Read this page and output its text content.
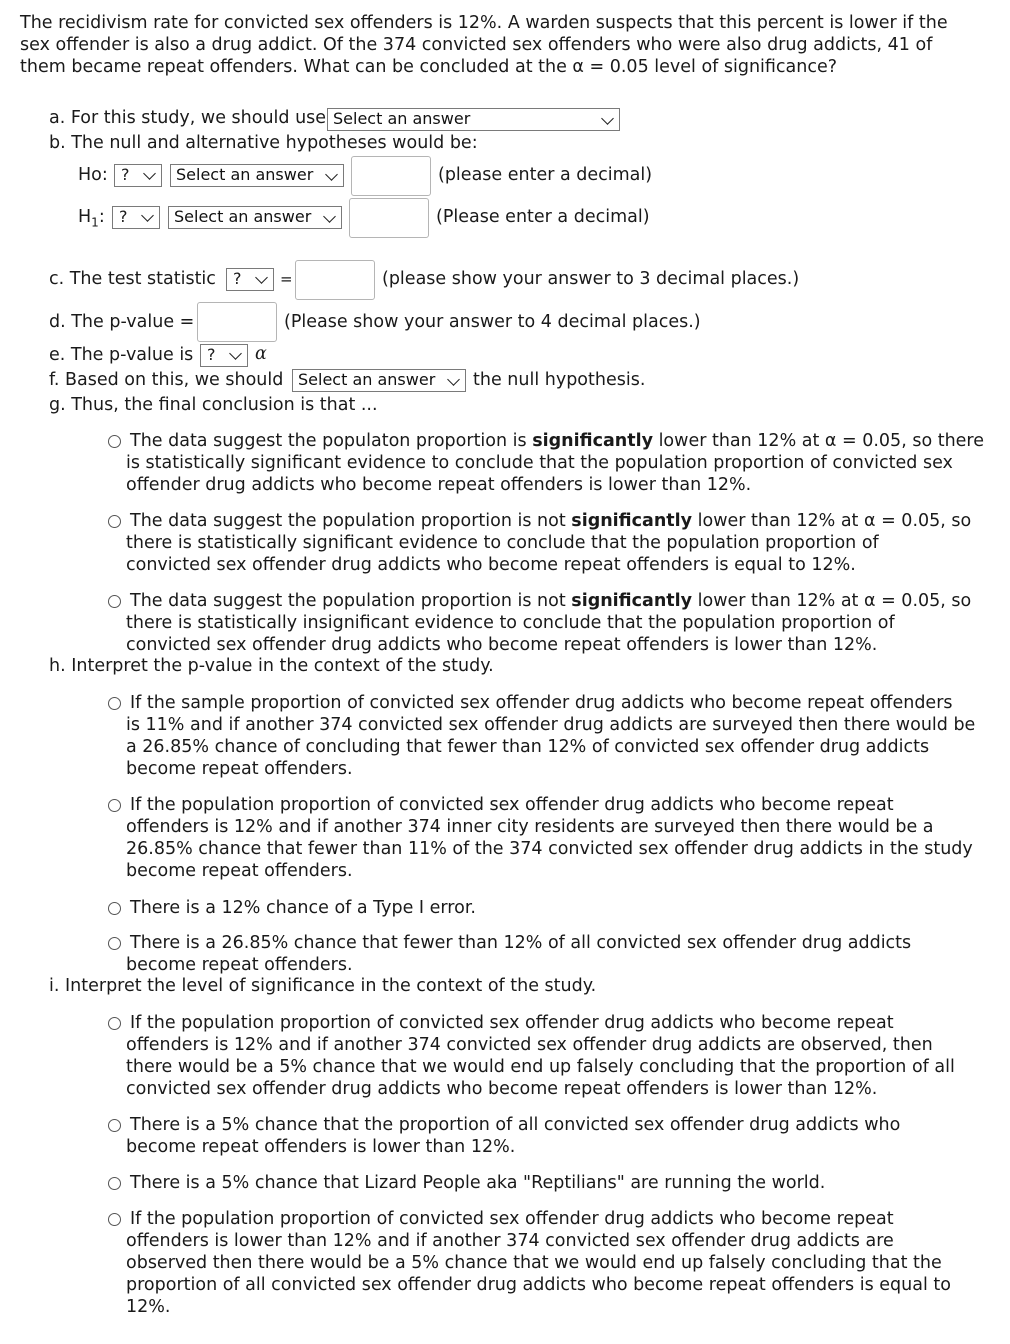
The recidivism rate for convicted sex offenders is 12%. A warden suspects that this percent is lower if the
sex offender is also a drug addict. Of the 374 convicted sex offenders who were also drug addicts, 41 of
them became repeat offenders. What can be concluded at the α = 0.05 level of significance?
a. For this study, we should use Select an answer
b. The null and alternative hypotheses would be:
Ho: ?	Select an answer	(please enter a decimal)
$H_1$: ?	Select an answer	(Please enter a decimal)
c. The test statistic	?	=	(please show your answer to 3 decimal places.)
d. The p-value =	(Please show your answer to 4 decimal places.)
e. The p-value is ?	α
f. Based on this, we should Select an answer	the null hypothesis.
g. Thus, the final conclusion is that ...
The data suggest the populaton proportion is significantly lower than 12% at α = 0.05, so there
is statistically significant evidence to conclude that the population proportion of convicted sex
offender drug addicts who become repeat offenders is lower than 12%.
The data suggest the population proportion is not significantly lower than 12% at α = 0.05, so
there is statistically significant evidence to conclude that the population proportion of
convicted sex offender drug addicts who become repeat offenders is equal to 12%.
The data suggest the population proportion is not significantly lower than 12% at α = 0.05, so
there is statistically insignificant evidence to conclude that the population proportion of
convicted sex offender drug addicts who become repeat offenders is lower than 12%.
h. Interpret the p-value in the context of the study.
If the sample proportion of convicted sex offender drug addicts who become repeat offenders
is 11% and if another 374 convicted sex offender drug addicts are surveyed then there would be
a 26.85% chance of concluding that fewer than 12% of convicted sex offender drug addicts
become repeat offenders.
If the population proportion of convicted sex offender drug addicts who become repeat
offenders is 12% and if another 374 inner city residents are surveyed then there would be a
26.85% chance that fewer than 11% of the 374 convicted sex offender drug addicts in the study
become repeat offenders.
There is a 12% chance of a Type I error.
There is a 26.85% chance that fewer than 12% of all convicted sex offender drug addicts
become repeat offenders.
i. Interpret the level of significance in the context of the study.
If the population proportion of convicted sex offender drug addicts who become repeat
offenders is 12% and if another 374 convicted sex offender drug addicts are observed, then
there would be a 5% chance that we would end up falsely concluding that the proportion of all
convicted sex offender drug addicts who become repeat offenders is lower than 12%.
There is a 5% chance that the proportion of all convicted sex offender drug addicts who
become repeat offenders is lower than 12%.
There is a 5% chance that Lizard People aka "Reptilians" are running the world.
If the population proportion of convicted sex offender drug addicts who become repeat
offenders is lower than 12% and if another 374 convicted sex offender drug addicts are
observed then there would be a 5% chance that we would end up falsely concluding that the
proportion of all convicted sex offender drug addicts who become repeat offenders is equal to
12%.
